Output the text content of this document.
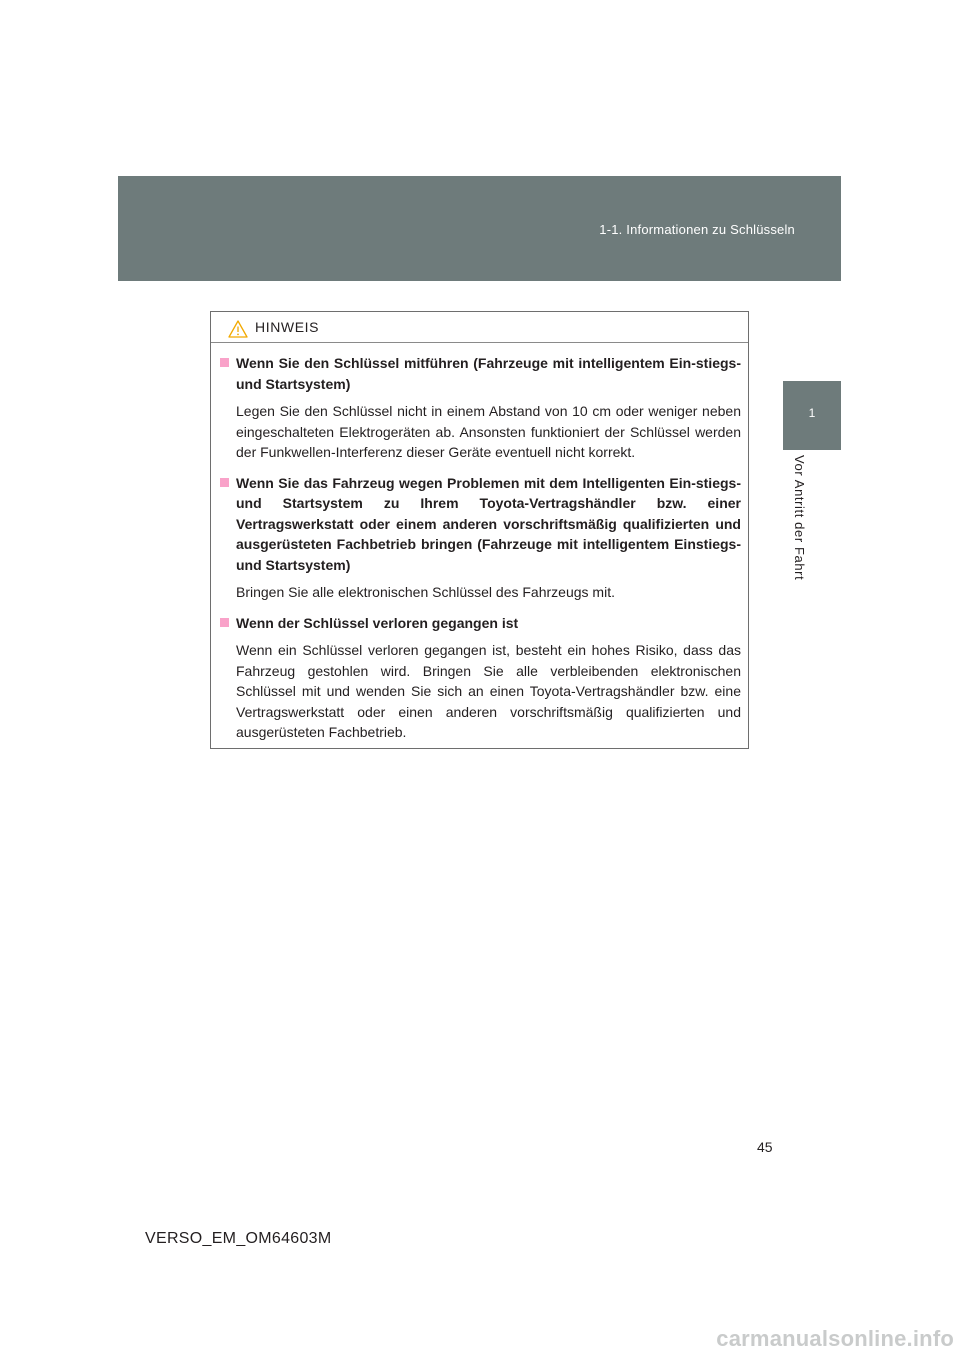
1-1. Informationen zu Schlüsseln
1
Vor Antritt der Fahrt
HINWEIS
Wenn Sie den Schlüssel mitführen (Fahrzeuge mit intelligentem Ein-stiegs- und Startsystem)
Legen Sie den Schlüssel nicht in einem Abstand von 10 cm oder weniger neben eingeschalteten Elektrogeräten ab. Ansonsten funktioniert der Schlüssel werden der Funkwellen-Interferenz dieser Geräte eventuell nicht korrekt.
Wenn Sie das Fahrzeug wegen Problemen mit dem Intelligenten Ein-stiegs- und Startsystem zu Ihrem Toyota-Vertragshändler bzw. einer Vertragswerkstatt oder einem anderen vorschriftsmäßig qualifizierten und ausgerüsteten Fachbetrieb bringen (Fahrzeuge mit intelligentem Einstiegs- und Startsystem)
Bringen Sie alle elektronischen Schlüssel des Fahrzeugs mit.
Wenn der Schlüssel verloren gegangen ist
Wenn ein Schlüssel verloren gegangen ist, besteht ein hohes Risiko, dass das Fahrzeug gestohlen wird. Bringen Sie alle verbleibenden elektronischen Schlüssel mit und wenden Sie sich an einen Toyota-Vertragshändler bzw. eine Vertragswerkstatt oder einen anderen vorschriftsmäßig qualifizierten und ausgerüsteten Fachbetrieb.
45
VERSO_EM_OM64603M
carmanualsonline.info
